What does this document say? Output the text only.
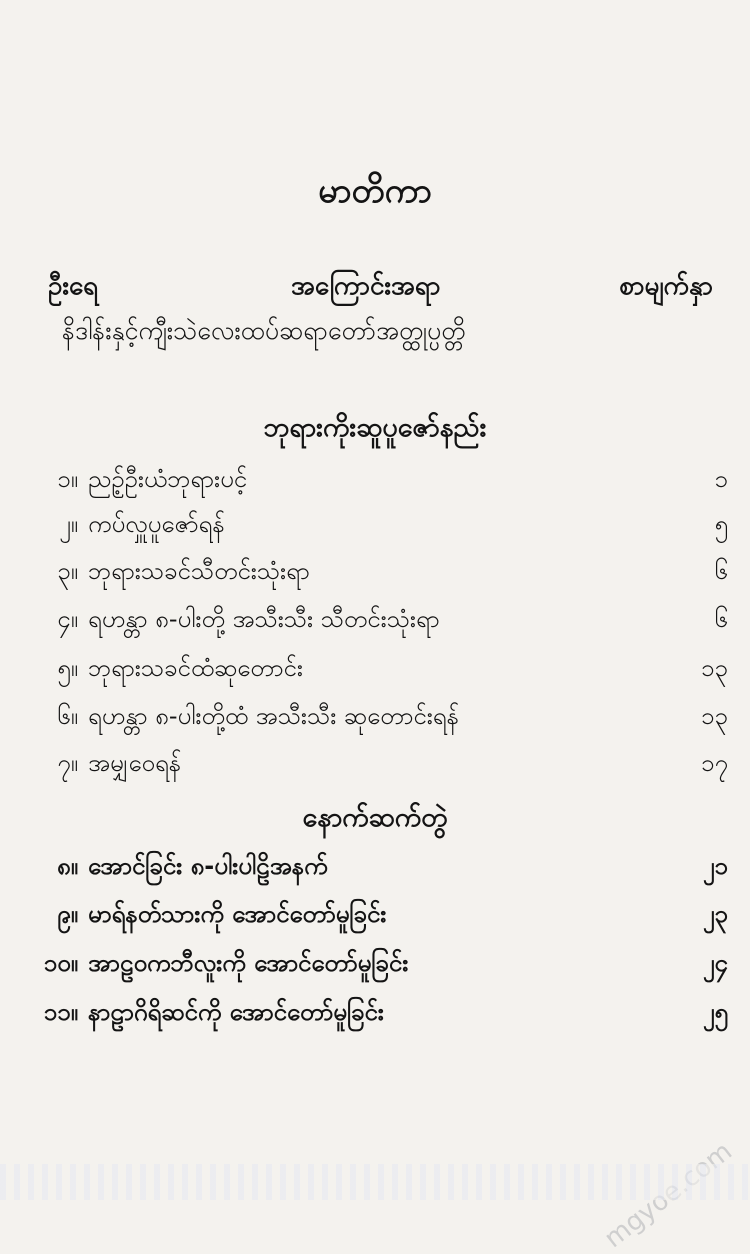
မာတိကာ
ဦးရေ	အကြောင်းအရာ	စာမျက်နှာ
နိဒါန်းနှင့်ကျီးသဲလေးထပ်ဆရာတော်အတ္ထုပ္ပတ္တိ
ဘုရားကိုးဆူပူဇော်နည်း
၁။ ညဥ့်ဦးယံဘုရားပင့်	၁
၂။ ကပ်လှူပူဇော်ရန်	၅
၃။ ဘုရားသခင်သီတင်းသုံးရာ	၆
၄။ ရဟန္တာ ၈-ပါးတို့ အသီးသီး သီတင်းသုံးရာ	၆
၅။ ဘုရားသခင်ထံဆုတောင်း	၁၃
၆။ ရဟန္တာ ၈-ပါးတို့ထံ အသီးသီး ဆုတောင်းရန်	၁၃
၇။ အမျှဝေရန်	၁၇
နောက်ဆက်တွဲ
၈။ အောင်ခြင်း ၈-ပါးပါဠိအနက်	၂၁
၉။ မာရ်နတ်သားကို အောင်တော်မူခြင်း	၂၃
၁၀။ အာဠဝကဘီလူးကို အောင်တော်မူခြင်း	၂၄
၁၁။ နာဠာဂိရိဆင်ကို အောင်တော်မူခြင်း	၂၅
